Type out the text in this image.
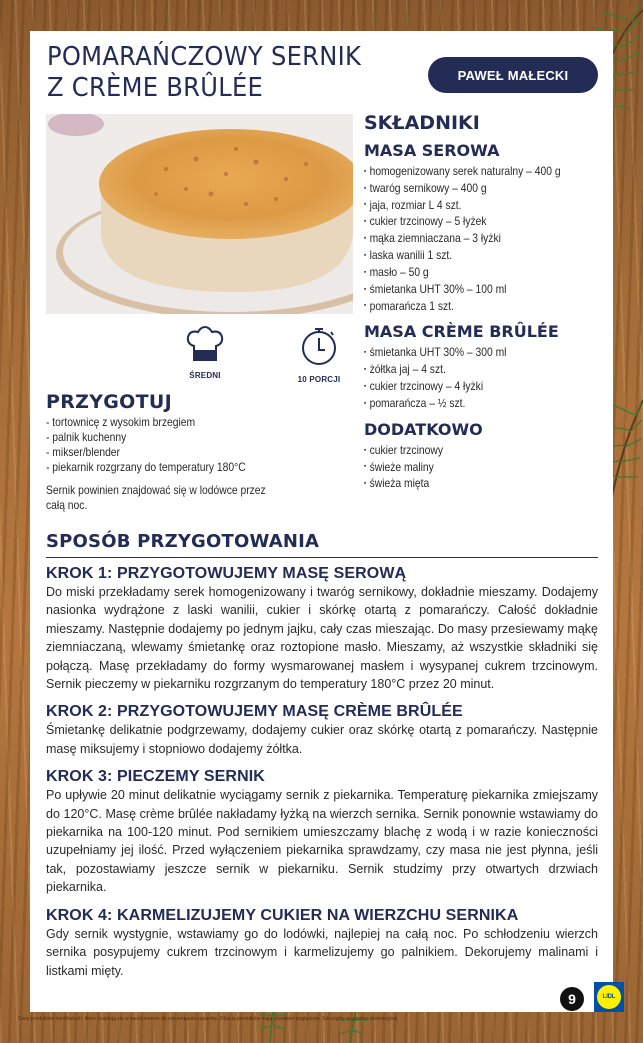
POMARAŃCZOWY SERNIK
Z CRÈME BRÛLÉE	PAWEŁ MAŁECKI
ŚREDNI	10 PORCJI
PRZYGOTUJ
- tortownicę z wysokim brzegiem
- palnik kuchenny
- mikser/blender
- piekarnik rozgrzany do temperatury 180°C

Sernik powinien znajdować się w lodówce przez
całą noc.

SKŁADNIKI
MASA SEROWA
▪ homogenizowany serek naturalny – 400 g
▪ twaróg sernikowy – 400 g
▪ jaja, rozmiar L 4 szt.
▪ cukier trzcinowy – 5 łyżek
▪ mąka ziemniaczana – 3 łyżki
▪ laska wanilii 1 szt.
▪ masło – 50 g
▪ śmietanka UHT 30% – 100 ml
▪ pomarańcza 1 szt.
MASA CRÈME BRÛLÉE
▪ śmietanka UHT 30% – 300 ml
▪ żółtka jaj – 4 szt.
▪ cukier trzcinowy – 4 łyżki
▪ pomarańcza – ½ szt.
DODATKOWO
▪ cukier trzcinowy
▪ świeże maliny
▪ świeża mięta
SPOSÓB PRZYGOTOWANIA
KROK 1: PRZYGOTOWUJEMY MASĘ SEROWĄ

Do miski przekładamy serek homogenizowany i twaróg sernikowy, dokładnie mieszamy. Dodajemy nasionka wydrążone z laski wanilii, cukier i skórkę otartą z pomarańczy. Całość dokładnie mieszamy. Następnie dodajemy po jednym jajku, cały czas mieszając. Do masy przesiewamy mąkę ziemniaczaną, wlewamy śmietankę oraz roztopione masło. Mieszamy, aż wszystkie składniki się połączą. Masę przekładamy do formy wysmarowanej masłem i wysypanej cukrem trzcinowym. Sernik pieczemy w piekarniku rozgrzanym do temperatury 180°C przez 20 minut.

KROK 2: PRZYGOTOWUJEMY MASĘ CRÈME BRÛLÉE

Śmietankę delikatnie podgrzewamy, dodajemy cukier oraz skórkę otartą z pomarańczy. Następnie masę miksujemy i stopniowo dodajemy żółtka.

KROK 3: PIECZEMY SERNIK

Po upływie 20 minut delikatnie wyciągamy sernik z piekarnika. Temperaturę piekarnika zmiejszamy do 120°C. Masę crème brûlée nakładamy łyżką na wierzch sernika. Sernik ponownie wstawiamy do piekarnika na 100-120 minut. Pod sernikiem umieszczamy blachę z wodą i w razie konieczności uzupełniamy jej ilość. Przed wyłączeniem piekarnika sprawdzamy, czy masa nie jest płynna, jeśli tak, pozostawiamy jeszcze sernik w piekarniku. Sernik studzimy przy otwartych drzwiach piekarnika.

KROK 4: KARMELIZUJEMY CUKIER NA WIERZCHU SERNIKA

Gdy sernik wystygnie, wstawiamy go do lodówki, najlepiej na całą noc. Po schłodzeniu wierzch sernika posypujemy cukrem trzcinowym i karmelizujemy go palnikiem. Dekorujemy malinami i listkami mięty.

9	LIDL
Ceny produktów handlowych, które znajdują się w asortymencie do wyczerpania zapasów. Zdjęcia produktów mają charakter poglądowy. Szczegóły w gazetce promocyjnej.
